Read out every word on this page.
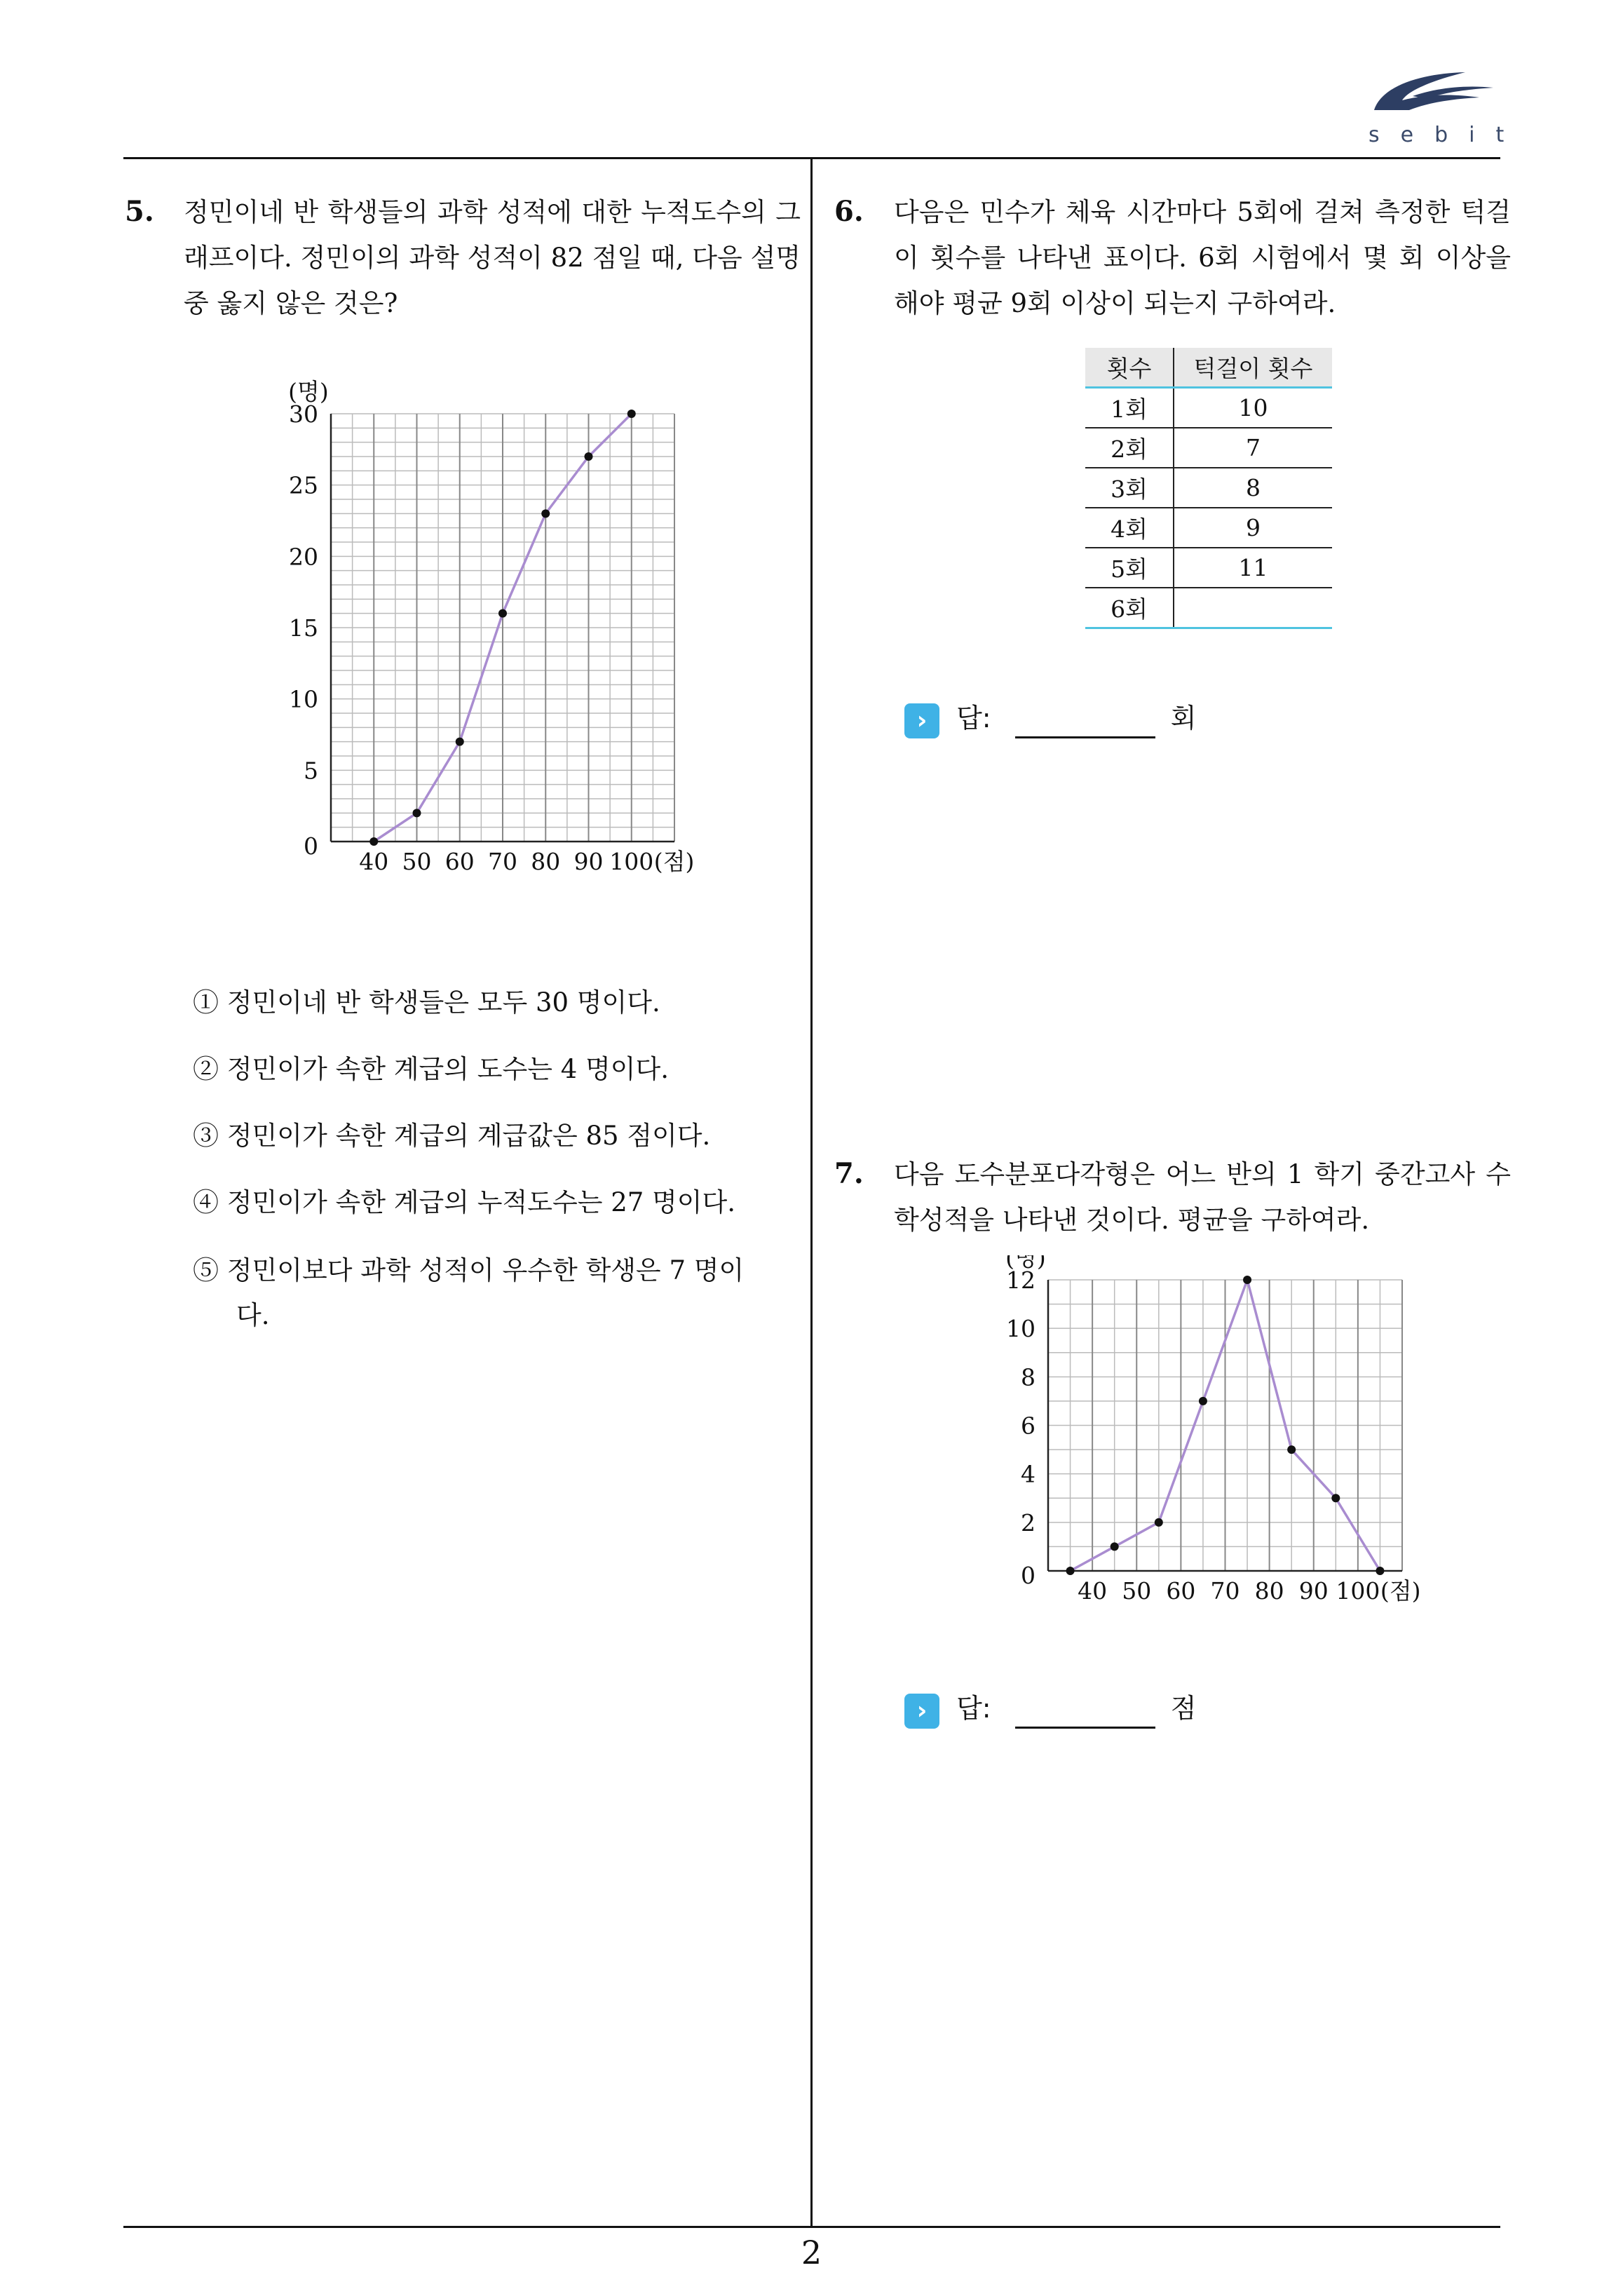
sebit
2
5. 정민이네 반 학생들의 과학 성적에 대한 누적도수의 그래프이다. 정민이의 과학 성적이 82 점일 때, 다음 설명 중 옳지 않은 것은?
0
5
10
15
20
25
30
40 50 60 70 80 90 100
(명)
(점)
① 정민이네 반 학생들은 모두 30 명이다.
② 정민이가 속한 계급의 도수는 4 명이다.
③ 정민이가 속한 계급의 계급값은 85 점이다.
④ 정민이가 속한 계급의 누적도수는 27 명이다.
⑤ 정민이보다 과학 성적이 우수한 학생은 7 명이다.
6. 다음은 민수가 체육 시간마다 5회에 걸쳐 측정한 턱걸이 횟수를 나타낸 표이다. 6회 시험에서 몇 회 이상을 해야 평균 9회 이상이 되는지 구하여라.
횟수	턱걸이 횟수
1회	10
2회	7
3회	8
4회	9
5회	11
6회	
› 답:	회
7. 다음 도수분포다각형은 어느 반의 1 학기 중간고사 수학성적을 나타낸 것이다. 평균을 구하여라.
0
2
4
6
8
10
12
40 50 60 70 80 90 100
(명)
(점)
› 답:	점
